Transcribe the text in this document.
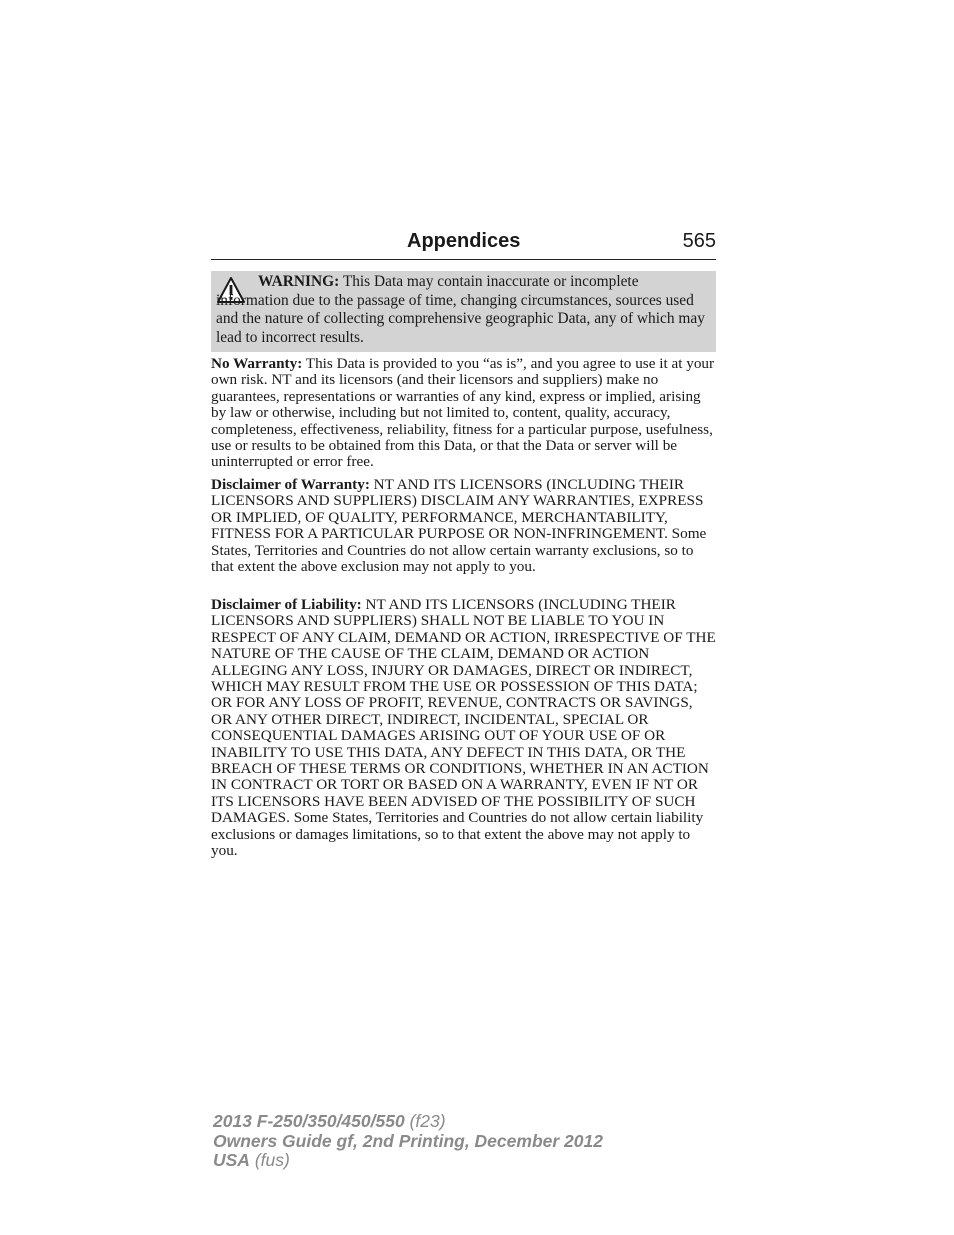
Appendices	565
WARNING: This Data may contain inaccurate or incomplete information due to the passage of time, changing circumstances, sources used and the nature of collecting comprehensive geographic Data, any of which may lead to incorrect results.
No Warranty: This Data is provided to you “as is”, and you agree to use it at your own risk. NT and its licensors (and their licensors and suppliers) make no guarantees, representations or warranties of any kind, express or implied, arising by law or otherwise, including but not limited to, content, quality, accuracy, completeness, effectiveness, reliability, fitness for a particular purpose, usefulness, use or results to be obtained from this Data, or that the Data or server will be uninterrupted or error free.
Disclaimer of Warranty: NT AND ITS LICENSORS (INCLUDING THEIR LICENSORS AND SUPPLIERS) DISCLAIM ANY WARRANTIES, EXPRESS OR IMPLIED, OF QUALITY, PERFORMANCE, MERCHANTABILITY, FITNESS FOR A PARTICULAR PURPOSE OR NON-INFRINGEMENT. Some States, Territories and Countries do not allow certain warranty exclusions, so to that extent the above exclusion may not apply to you.
Disclaimer of Liability: NT AND ITS LICENSORS (INCLUDING THEIR LICENSORS AND SUPPLIERS) SHALL NOT BE LIABLE TO YOU IN RESPECT OF ANY CLAIM, DEMAND OR ACTION, IRRESPECTIVE OF THE NATURE OF THE CAUSE OF THE CLAIM, DEMAND OR ACTION ALLEGING ANY LOSS, INJURY OR DAMAGES, DIRECT OR INDIRECT, WHICH MAY RESULT FROM THE USE OR POSSESSION OF THIS DATA; OR FOR ANY LOSS OF PROFIT, REVENUE, CONTRACTS OR SAVINGS, OR ANY OTHER DIRECT, INDIRECT, INCIDENTAL, SPECIAL OR CONSEQUENTIAL DAMAGES ARISING OUT OF YOUR USE OF OR INABILITY TO USE THIS DATA, ANY DEFECT IN THIS DATA, OR THE BREACH OF THESE TERMS OR CONDITIONS, WHETHER IN AN ACTION IN CONTRACT OR TORT OR BASED ON A WARRANTY, EVEN IF NT OR ITS LICENSORS HAVE BEEN ADVISED OF THE POSSIBILITY OF SUCH DAMAGES. Some States, Territories and Countries do not allow certain liability exclusions or damages limitations, so to that extent the above may not apply to you.
2013 F-250/350/450/550 (f23)
Owners Guide gf, 2nd Printing, December 2012
USA (fus)
